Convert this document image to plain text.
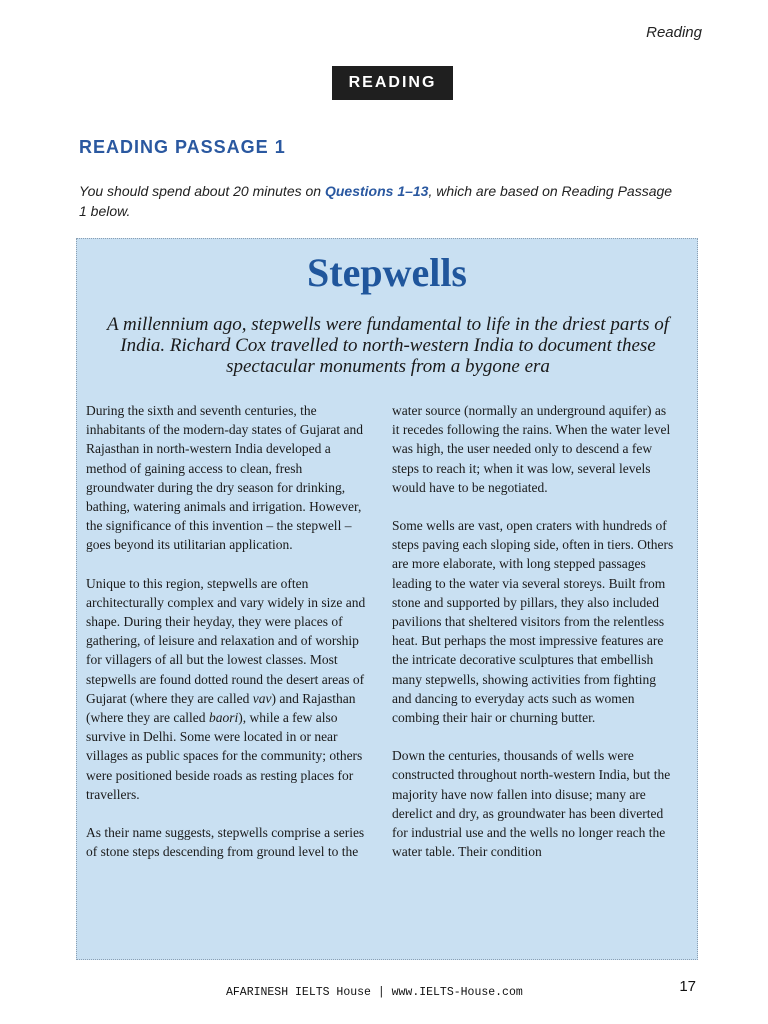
Reading
READING
READING PASSAGE 1
You should spend about 20 minutes on Questions 1–13, which are based on Reading Passage 1 below.
Stepwells
A millennium ago, stepwells were fundamental to life in the driest parts of India. Richard Cox travelled to north-western India to document these spectacular monuments from a bygone era

During the sixth and seventh centuries, the inhabitants of the modern-day states of Gujarat and Rajasthan in north-western India developed a method of gaining access to clean, fresh groundwater during the dry season for drinking, bathing, watering animals and irrigation. However, the significance of this invention – the stepwell – goes beyond its utilitarian application.

Unique to this region, stepwells are often architecturally complex and vary widely in size and shape. During their heyday, they were places of gathering, of leisure and relaxation and of worship for villagers of all but the lowest classes. Most stepwells are found dotted round the desert areas of Gujarat (where they are called vav) and Rajasthan (where they are called baori), while a few also survive in Delhi. Some were located in or near villages as public spaces for the community; others were positioned beside roads as resting places for travellers.

As their name suggests, stepwells comprise a series of stone steps descending from ground level to the

water source (normally an underground aquifer) as it recedes following the rains. When the water level was high, the user needed only to descend a few steps to reach it; when it was low, several levels would have to be negotiated.

Some wells are vast, open craters with hundreds of steps paving each sloping side, often in tiers. Others are more elaborate, with long stepped passages leading to the water via several storeys. Built from stone and supported by pillars, they also included pavilions that sheltered visitors from the relentless heat. But perhaps the most impressive features are the intricate decorative sculptures that embellish many stepwells, showing activities from fighting and dancing to everyday acts such as women combing their hair or churning butter.

Down the centuries, thousands of wells were constructed throughout north-western India, but the majority have now fallen into disuse; many are derelict and dry, as groundwater has been diverted for industrial use and the wells no longer reach the water table. Their condition

AFARINESH IELTS House | www.IELTS-House.com	17
